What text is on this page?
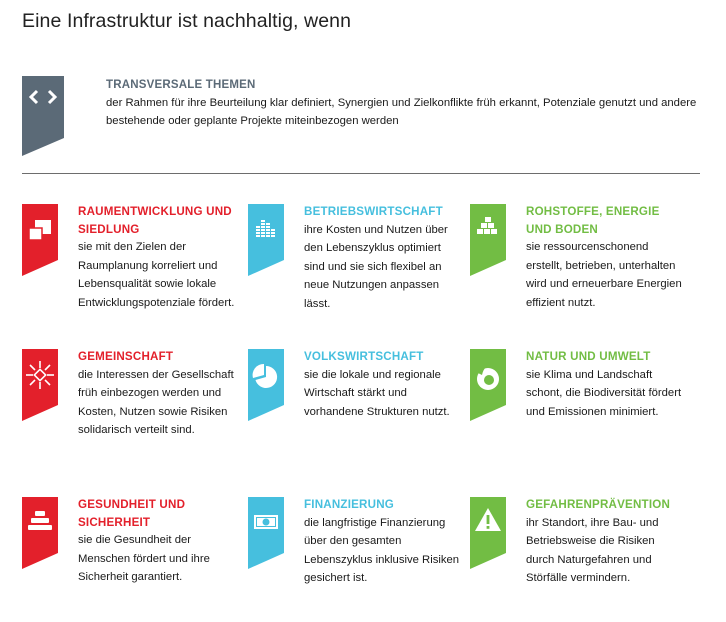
Eine Infrastruktur ist nachhaltig, wenn
TRANSVERSALE THEMEN
der Rahmen für ihre Beurteilung klar definiert, Synergien und Zielkonflikte früh erkannt, Potenziale genutzt und andere bestehende oder geplante Projekte miteinbezogen werden
RAUMENTWICKLUNG UND SIEDLUNG
sie mit den Zielen der Raumplanung korreliert und Lebensqualität sowie lokale Entwicklungspotenziale fördert.
BETRIEBSWIRTSCHAFT
ihre Kosten und Nutzen über den Lebenszyklus optimiert sind und sie sich flexibel an neue Nutzungen anpassen lässt.
ROHSTOFFE, ENERGIE UND BODEN
sie ressourcenschonend erstellt, betrieben, unterhalten wird und erneuerbare Energien effizient nutzt.
GEMEINSCHAFT
die Interessen der Gesellschaft früh einbezogen werden und Kosten, Nutzen sowie Risiken solidarisch verteilt sind.
VOLKSWIRTSCHAFT
sie die lokale und regionale Wirtschaft stärkt und vorhandene Strukturen nutzt.
NATUR UND UMWELT
sie Klima und Landschaft schont, die Biodiversität fördert und Emissionen minimiert.
GESUNDHEIT UND SICHERHEIT
sie die Gesundheit der Menschen fördert und ihre Sicherheit garantiert.
FINANZIERUNG
die langfristige Finanzierung über den gesamten Lebenszyklus inklusive Risiken gesichert ist.
GEFAHRENPRÄVENTION
ihr Standort, ihre Bau- und Betriebsweise die Risiken durch Naturgefahren und Störfälle vermindern.
